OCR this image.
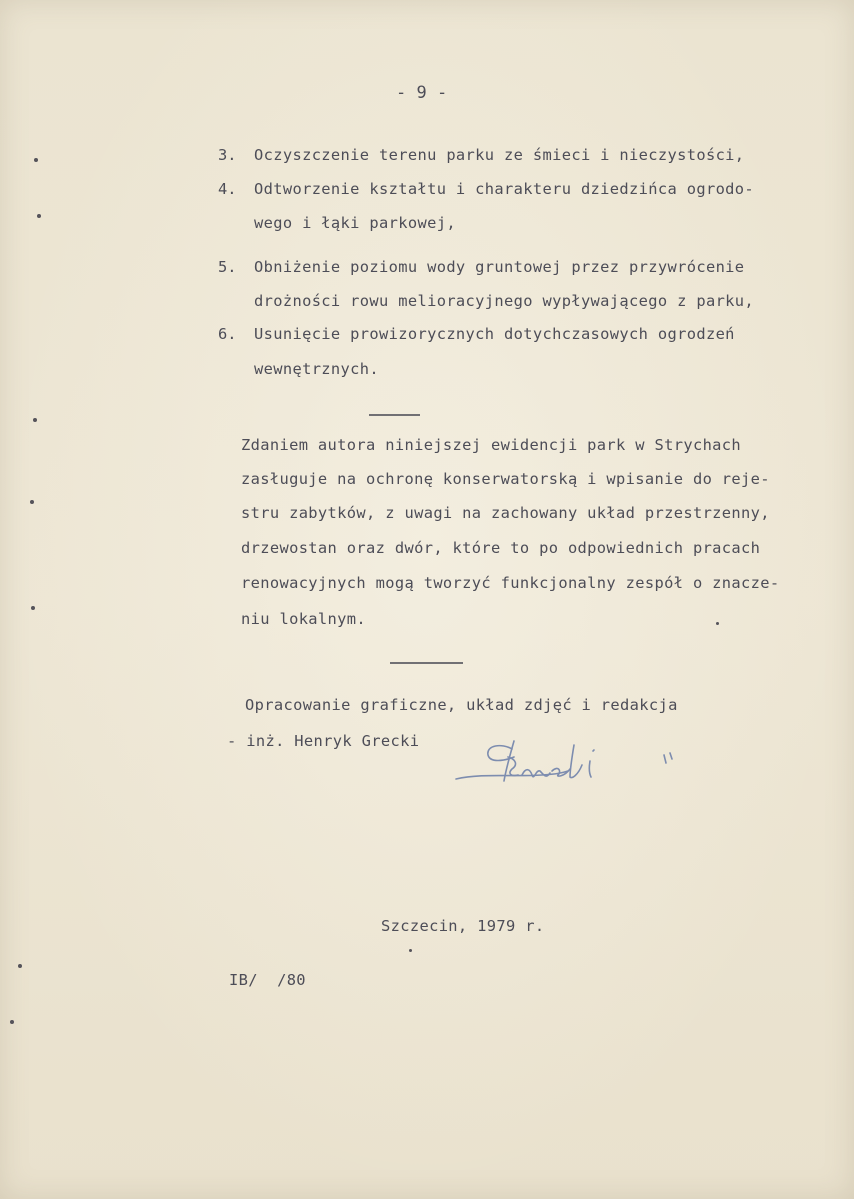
- 9 -
3. Oczyszczenie terenu parku ze śmieci i nieczystości,
4. Odtworzenie kształtu i charakteru dziedzińca ogrodo-
wego i łąki parkowej,
5. Obniżenie poziomu wody gruntowej przez przywrócenie
drożności rowu melioracyjnego wypływającego z parku,
6. Usunięcie prowizorycznych dotychczasowych ogrodzeń
wewnętrznych.
Zdaniem autora niniejszej ewidencji park w Strychach
zasługuje na ochronę konserwatorską i wpisanie do reje-
stru zabytków, z uwagi na zachowany układ przestrzenny,
drzewostan oraz dwór, które to po odpowiednich pracach
renowacyjnych mogą tworzyć funkcjonalny zespół o znacze-
niu lokalnym.
Opracowanie graficzne, układ zdjęć i redakcja
- inż. Henryk Grecki
Szczecin, 1979 r.
IB/  /80
